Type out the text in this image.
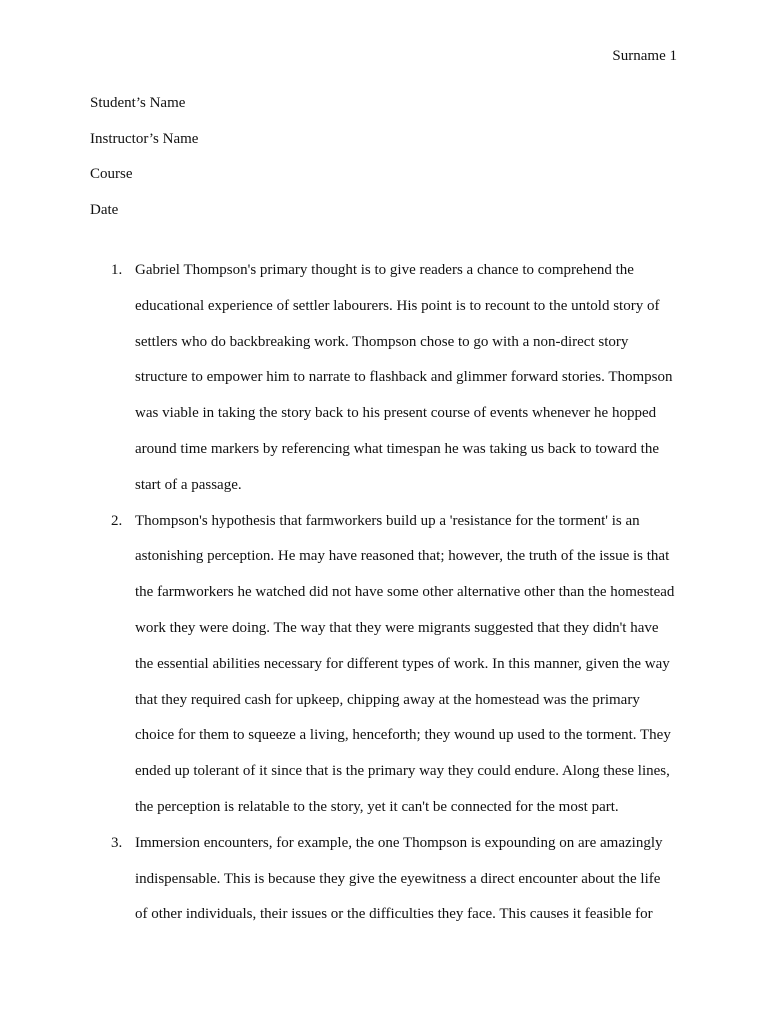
Surname 1
Student’s Name
Instructor’s Name
Course
Date
1. Gabriel Thompson's primary thought is to give readers a chance to comprehend the
educational experience of settler labourers. His point is to recount to the untold story of
settlers who do backbreaking work. Thompson chose to go with a non-direct story
structure to empower him to narrate to flashback and glimmer forward stories. Thompson
was viable in taking the story back to his present course of events whenever he hopped
around time markers by referencing what timespan he was taking us back to toward the
start of a passage.
2. Thompson's hypothesis that farmworkers build up a 'resistance for the torment' is an
astonishing perception. He may have reasoned that; however, the truth of the issue is that
the farmworkers he watched did not have some other alternative other than the homestead
work they were doing. The way that they were migrants suggested that they didn't have
the essential abilities necessary for different types of work. In this manner, given the way
that they required cash for upkeep, chipping away at the homestead was the primary
choice for them to squeeze a living, henceforth; they wound up used to the torment. They
ended up tolerant of it since that is the primary way they could endure. Along these lines,
the perception is relatable to the story, yet it can't be connected for the most part.
3. Immersion encounters, for example, the one Thompson is expounding on are amazingly
indispensable. This is because they give the eyewitness a direct encounter about the life
of other individuals, their issues or the difficulties they face. This causes it feasible for
